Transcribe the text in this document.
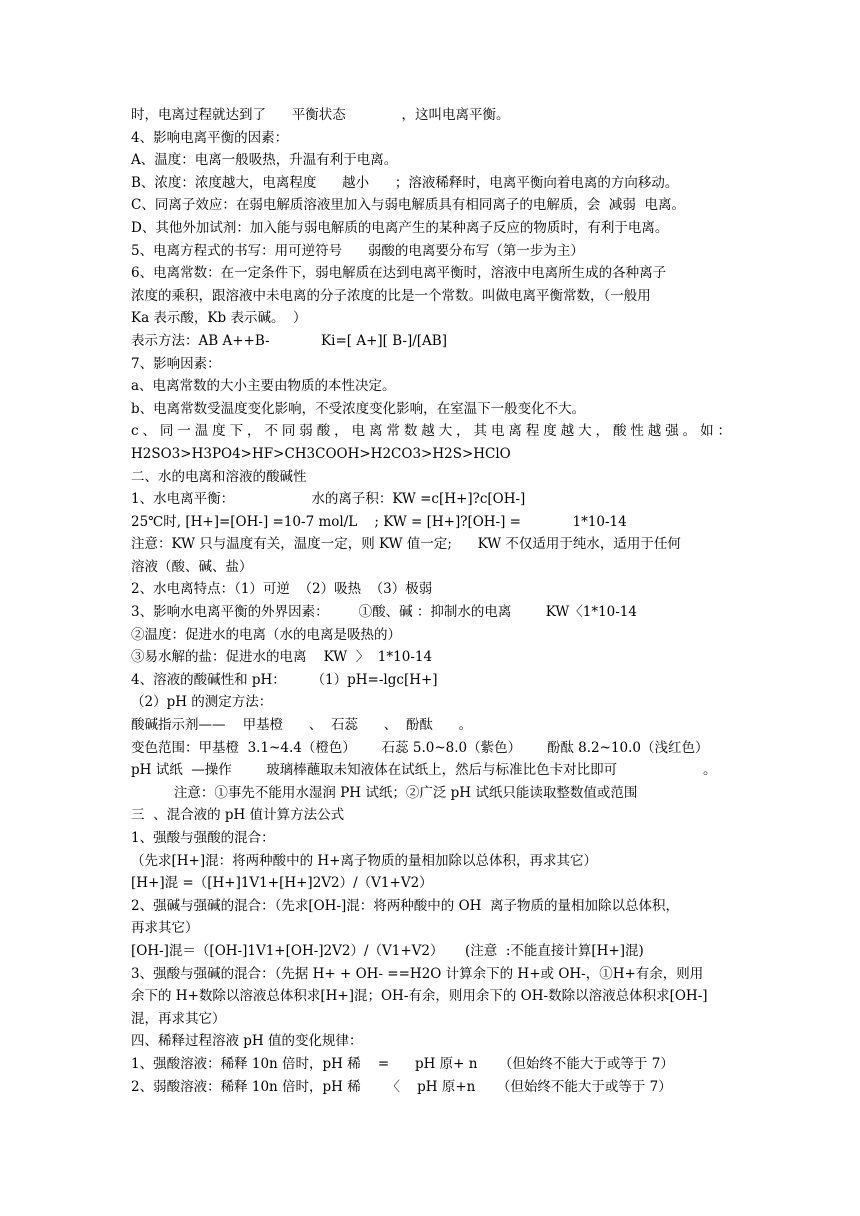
时，电离过程就达到了      平衡状态             ，这叫电离平衡。
4、影响电离平衡的因素：
A、温度：电离一般吸热，升温有利于电离。
B、浓度：浓度越大，电离程度      越小      ；溶液稀释时，电离平衡向着电离的方向移动。
C、同离子效应：在弱电解质溶液里加入与弱电解质具有相同离子的电解质，会  减弱  电离。
D、其他外加试剂：加入能与弱电解质的电离产生的某种离子反应的物质时，有利于电离。
5、电离方程式的书写：用可逆符号      弱酸的电离要分布写（第一步为主）
6、电离常数：在一定条件下，弱电解质在达到电离平衡时，溶液中电离所生成的各种离子
浓度的乘积，跟溶液中未电离的分子浓度的比是一个常数。叫做电离平衡常数，（一般用
Ka 表示酸，Kb 表示碱。  ）
表示方法：AB A++B-            Ki=[ A+][ B-]/[AB]
7、影响因素：
a、电离常数的大小主要由物质的本性决定。
b、电离常数受温度变化影响，不受浓度变化影响，在室温下一般变化不大。
c、同一温度下，不同弱酸，电离常数越大，其电离程度越大，酸性越强。如：
H2SO3>H3PO4>HF>CH3COOH>H2CO3>H2S>HClO
二、水的电离和溶液的酸碱性
1、水电离平衡：                  水的离子积：KW =c[H+]?c[OH-]
25℃时, [H+]=[OH-] =10-7 mol/L    ; KW = [H+]?[OH-] =            1*10-14
注意：KW 只与温度有关，温度一定，则 KW 值一定;      KW 不仅适用于纯水，适用于任何
溶液（酸、碱、盐）
2、水电离特点：（1）可逆  （2）吸热  （3）极弱
3、影响水电离平衡的外界因素：       ①酸、碱 ：抑制水的电离        KW〈1*10-14
②温度：促进水的电离（水的电离是吸热的）
③易水解的盐：促进水的电离    KW  〉  1*10-14
4、溶液的酸碱性和 pH：      （1）pH=-lgc[H+]
（2）pH 的测定方法：
酸碱指示剂——    甲基橙      、  石蕊      、  酚酞      。
变色范围：甲基橙  3.1~4.4（橙色）      石蕊 5.0~8.0（紫色）      酚酞 8.2~10.0（浅红色）
pH 试纸  —操作        玻璃棒蘸取未知液体在试纸上，然后与标准比色卡对比即可                    。
注意：①事先不能用水湿润 PH 试纸；②广泛 pH 试纸只能读取整数值或范围
三  、混合液的 pH 值计算方法公式
1、强酸与强酸的混合：
（先求[H+]混：将两种酸中的 H+离子物质的量相加除以总体积，再求其它）
[H+]混 =（[H+]1V1+[H+]2V2）/（V1+V2）
2、强碱与强碱的混合：（先求[OH-]混：将两种酸中的 OH  离子物质的量相加除以总体积，
再求其它）
[OH-]混＝（[OH-]1V1+[OH-]2V2）/（V1+V2）     (注意  :不能直接计算[H+]混)
3、强酸与强碱的混合：（先据 H+ + OH- ==H2O 计算余下的 H+或 OH-，①H+有余，则用
余下的 H+数除以溶液总体积求[H+]混；OH-有余，则用余下的 OH-数除以溶液总体积求[OH-]
混，再求其它）
四、稀释过程溶液 pH 值的变化规律：
1、强酸溶液：稀释 10n 倍时，pH 稀    =      pH 原+ n     （但始终不能大于或等于 7）
2、弱酸溶液：稀释 10n 倍时，pH 稀      〈    pH 原+n     （但始终不能大于或等于 7）
